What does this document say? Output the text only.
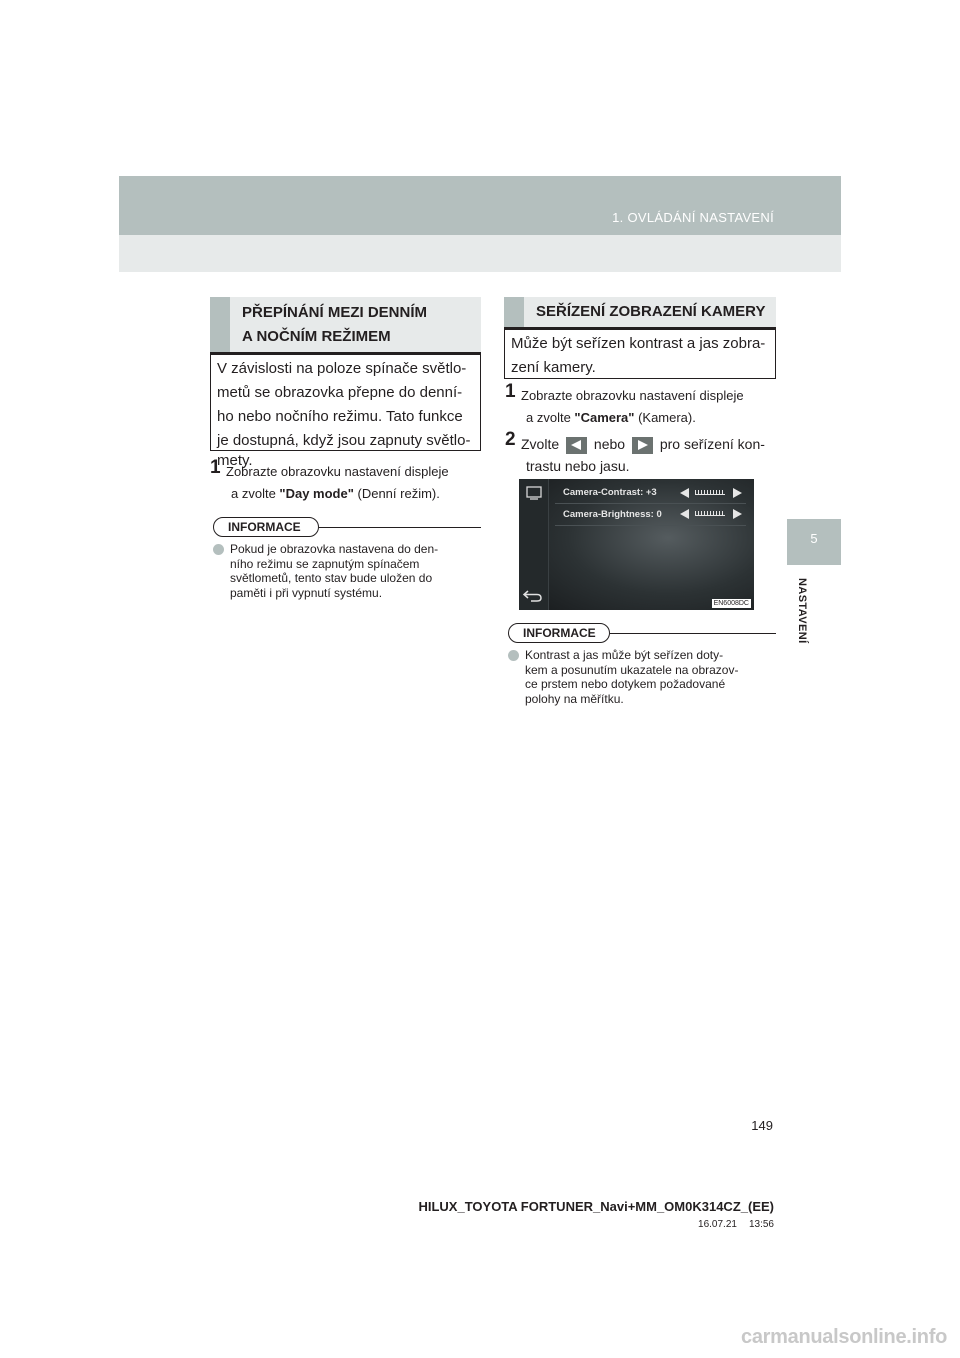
1. OVLÁDÁNÍ NASTAVENÍ
5
NASTAVENÍ
PŘEPÍNÁNÍ MEZI DENNÍM
A NOČNÍM REŽIMEM
V závislosti na poloze spínače světlo-
metů se obrazovka přepne do denní-
ho nebo nočního režimu. Tato funkce
je dostupná, když jsou zapnuty světlo-
mety.
1 Zobrazte obrazovku nastavení displeje
a zvolte "Day mode" (Denní režim).
INFORMACE
Pokud je obrazovka nastavena do den-
ního režimu se zapnutým spínačem
světlometů, tento stav bude uložen do
paměti i při vypnutí systému.
SEŘÍZENÍ ZOBRAZENÍ KAMERY
Může být seřízen kontrast a jas zobra-
zení kamery.
1 Zobrazte obrazovku nastavení displeje
a zvolte "Camera" (Kamera).
2 Zvolte nebo pro seřízení kon-
trastu nebo jasu.
Camera-Contrast: +3
Camera-Brightness: 0
EN6008DC
INFORMACE
Kontrast a jas může být seřízen doty-
kem a posunutím ukazatele na obrazov-
ce prstem nebo dotykem požadované
polohy na měřítku.
149
HILUX_TOYOTA FORTUNER_Navi+MM_OM0K314CZ_(EE)
16.07.21 13:56
carmanualsonline.info
